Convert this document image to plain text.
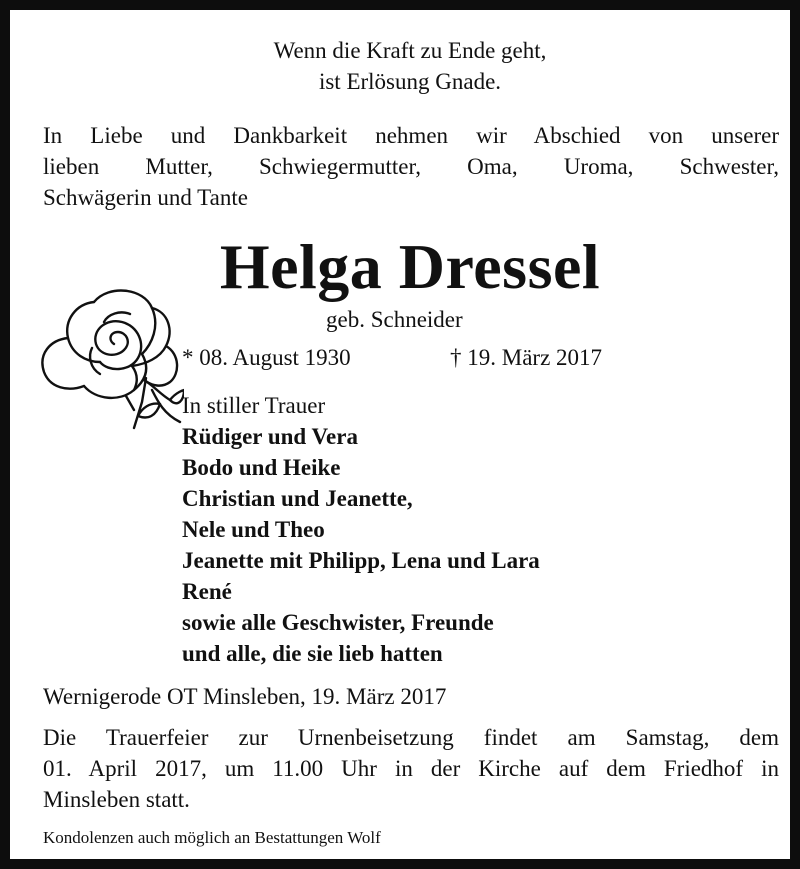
Wenn die Kraft zu Ende geht,
ist Erlösung Gnade.
In Liebe und Dankbarkeit nehmen wir Abschied von unserer
lieben Mutter, Schwiegermutter, Oma, Uroma, Schwester,
Schwägerin und Tante
Helga Dressel
geb. Schneider
* 08. August 1930	† 19. März 2017
In stiller Trauer
Rüdiger und Vera
Bodo und Heike
Christian und Jeanette,
Nele und Theo
Jeanette mit Philipp, Lena und Lara
René
sowie alle Geschwister, Freunde
und alle, die sie lieb hatten
Wernigerode OT Minsleben, 19. März 2017
Die Trauerfeier zur Urnenbeisetzung findet am Samstag, dem
01. April 2017, um 11.00 Uhr in der Kirche auf dem Friedhof in
Minsleben statt.
Kondolenzen auch möglich an Bestattungen Wolf
